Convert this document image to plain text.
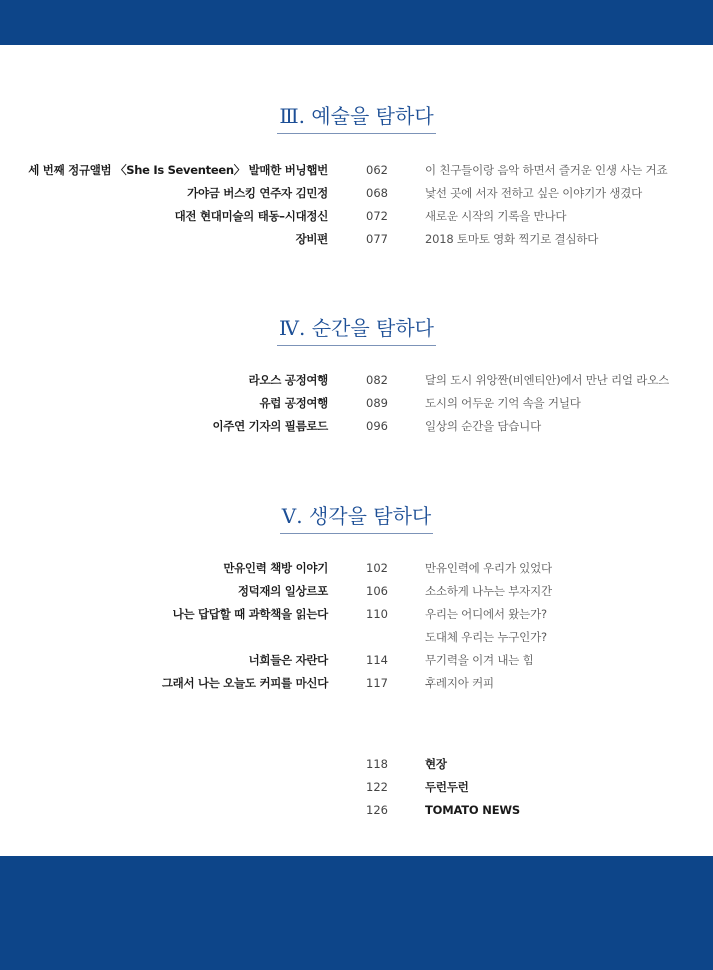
Ⅲ. 예술을 탐하다
세 번째 정규앨범 〈She Is Seventeen〉 발매한 버닝햅번	062	이 친구들이랑 음악 하면서 즐거운 인생 사는 거죠
가야금 버스킹 연주자 김민정	068	낯선 곳에 서자 전하고 싶은 이야기가 생겼다
대전 현대미술의 태동–시대정신	072	새로운 시작의 기록을 만나다
장비편	077	2018 토마토 영화 찍기로 결심하다
Ⅳ. 순간을 탐하다
라오스 공정여행	082	달의 도시 위앙짠(비엔티안)에서 만난 리얼 라오스
유럽 공정여행	089	도시의 어두운 기억 속을 거닐다
이주연 기자의 필름로드	096	일상의 순간을 담습니다
Ⅴ. 생각을 탐하다
만유인력 책방 이야기	102	만유인력에 우리가 있었다
정덕재의 일상르포	106	소소하게 나누는 부자지간
나는 답답할 때 과학책을 읽는다	110	우리는 어디에서 왔는가?
도대체 우리는 누구인가?
너희들은 자란다	114	무기력을 이겨 내는 힘
그래서 나는 오늘도 커피를 마신다	117	후레지아 커피
118	현장
122	두런두런
126	TOMATO NEWS
